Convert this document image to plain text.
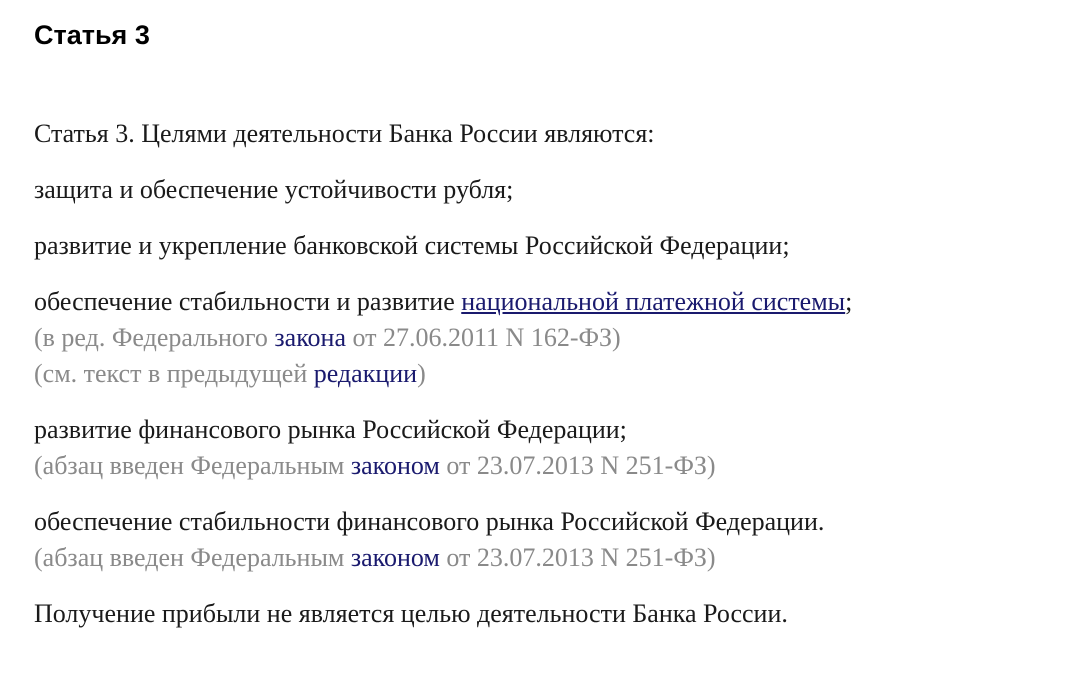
Статья 3

Статья 3. Целями деятельности Банка России являются:

защита и обеспечение устойчивости рубля;

развитие и укрепление банковской системы Российской Федерации;

обеспечение стабильности и развитие национальной платежной системы;

(в ред. Федерального закона от 27.06.2011 N 162-ФЗ)

(см. текст в предыдущей редакции)

развитие финансового рынка Российской Федерации;

(абзац введен Федеральным законом от 23.07.2013 N 251-ФЗ)

обеспечение стабильности финансового рынка Российской Федерации.

(абзац введен Федеральным законом от 23.07.2013 N 251-ФЗ)

Получение прибыли не является целью деятельности Банка России.
